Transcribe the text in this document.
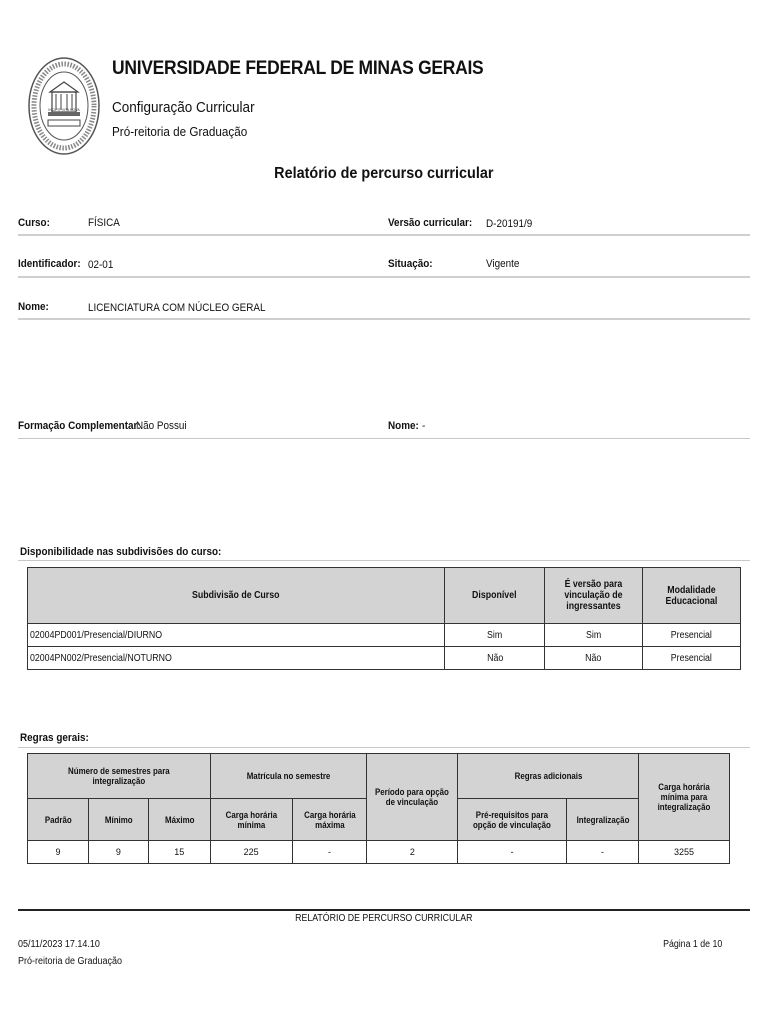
INCIPIT VITA NOVA
UNIVERSIDADE FEDERAL DE MINAS GERAIS
Configuração Curricular
Pró-reitoria de Graduação
Relatório de percurso curricular
Curso:	FÍSICA	Versão curricular: D-20191/9
Identificador: 02-01	Situação:	Vigente
Nome:	LICENCIATURA COM NÚCLEO GERAL
Formação Complementar:
Não Possui	Nome: -
Disponibilidade nas subdivisões do curso:
Subdivisão de Curso	Disponível	É versão para vinculação de ingressantes	Modalidade Educacional
02004PD001/Presencial/DIURNO	Sim	Sim	Presencial
02004PN002/Presencial/NOTURNO	Não	Não	Presencial
Regras gerais:
Número de semestres para integralização			Matrícula no semestre		Período para opção de vinculação	Regras adicionais		Carga horária mínima para integralização
Padrão	Mínimo	Máximo	Carga horária mínima	Carga horária máxima		Pré-requisitos para opção de vinculação	Integralização	
9	9	15	225	-	2	-	-	3255
RELATÓRIO DE PERCURSO CURRICULAR
05/11/2023 17.14.10
Pró-reitoria de Graduação
Página 1 de 10
